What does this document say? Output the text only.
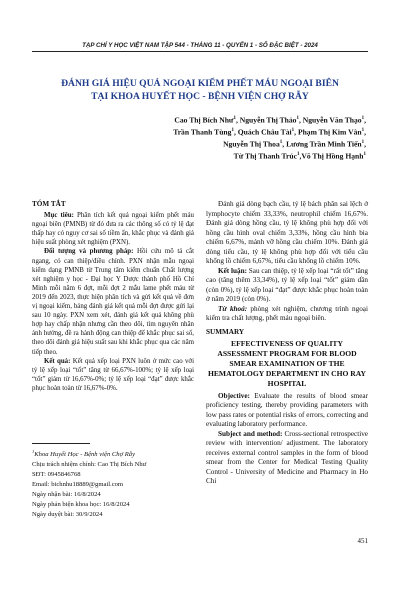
TẠP CHÍ Y HỌC VIỆT NAM TẬP 544 - THÁNG 11 - QUYỂN 1 - SỐ ĐẶC BIỆT - 2024
ĐÁNH GIÁ HIỆU QUẢ NGOẠI KIỂM PHẾT MÁU NGOẠI BIÊN
TẠI KHOA HUYẾT HỌC - BỆNH VIỆN CHỢ RẪY
Cao Thị Bích Như$^1$, Nguyễn Thị Thảo$^1$, Nguyễn Văn Thạo$^1$,
Trần Thanh Tùng$^1$, Quách Châu Tài$^1$, Phạm Thị Kim Vân$^1$,
Nguyễn Thị Thoa$^1$, Lương Trần Minh Tiến$^1$,
Từ Thị Thanh Trúc$^1$,Võ Thị Hồng Hạnh$^1$
TÓM TẮT

Mục tiêu: Phân tích kết quả ngoại kiểm phết máu ngoại biên (PMNB) từ đó đưa ra các thông số có tỷ lệ đạt thấp hay có nguy cơ sai số tiềm ẩn, khắc phục và đánh giá hiệu suất phòng xét nghiệm (PXN).

Đối tượng và phương pháp: Hồi cứu mô tả cắt ngang, có can thiệp/điều chỉnh. PXN nhận mẫu ngoại kiểm dạng PMNB từ Trung tâm kiểm chuẩn Chất lượng xét nghiệm y học - Đại học Y Dược thành phố Hồ Chí Minh mỗi năm 6 đợt, mỗi đợt 2 mẫu lame phết máu từ 2019 đến 2023, thực hiện phân tích và gửi kết quả về đơn vị ngoại kiểm, bảng đánh giá kết quả mỗi đợt được gửi lại sau 10 ngày. PXN xem xét, đánh giá kết quả không phù hợp hay chấp nhận nhưng cần theo dõi, tìm nguyên nhân ảnh hưởng, đề ra hành động can thiệp để khắc phục sai số, theo dõi đánh giá hiệu suất sau khi khắc phục qua các năm tiếp theo.

Kết quả: Kết quả xếp loại PXN luôn ở mức cao với tỷ lệ xếp loại “tốt” tăng từ 66,67%-100%; tỷ lệ xếp loại “tốt” giảm từ 16,67%-0%; tỷ lệ xếp loại “đạt” được khắc phục hoàn toàn từ 16,67%-0%.

$^1$Khoa Huyết Học - Bệnh viện Chợ Rẫy
Chịu trách nhiệm chính: Cao Thị Bích Như
SĐT: 0945846768
Email: bichnhu18889@gmail.com
Ngày nhận bài: 16/8/2024
Ngày phản biện khoa học: 16/8/2024
Ngày duyệt bài: 30/9/2024

Đánh giá dòng bạch cầu, tỷ lệ bách phân sai lệch ở lymphocyte chiếm 33,33%, neutrophil chiếm 16,67%. Đánh giá dòng hồng cầu, tỷ lệ không phù hợp đối với hồng cầu hình oval chiếm 3,33%, hồng cầu hình bia chiếm 6,67%, mảnh vỡ hồng cầu chiếm 10%. Đánh giá dòng tiểu cầu, tỷ lệ không phù hợp đối với tiểu cầu khổng lồ chiếm 6,67%, tiểu cầu khổng lồ chiếm 10%.

Kết luận: Sau can thiệp, tỷ lệ xếp loại “rất tốt” tăng cao (tăng thêm 33,34%), tỷ lệ xếp loại “tốt” giảm dần (còn 0%), tỷ lệ xếp loại “đạt” được khắc phục hoàn toàn ở năm 2019 (còn 0%).

Từ khoá: phòng xét nghiệm, chương trình ngoại kiểm tra chất lượng, phết máu ngoại biên.

SUMMARY
EFFECTIVENESS OF QUALITY ASSESSMENT PROGRAM FOR BLOOD SMEAR EXAMINATION OF THE HEMATOLOGY DEPARTMENT IN CHO RAY HOSPITAL

Objective: Evaluate the results of blood smear proficiency testing, thereby providing parameters with low pass rates or potential risks of errors, correcting and evaluating laboratory performance.

Subject and method: Cross-sectional retrospective review with intervention/ adjustment. The laboratory receives external control samples in the form of blood smear from the Center for Medical Testing Quality Control - University of Medicine and Pharmacy in Ho Chi

451
